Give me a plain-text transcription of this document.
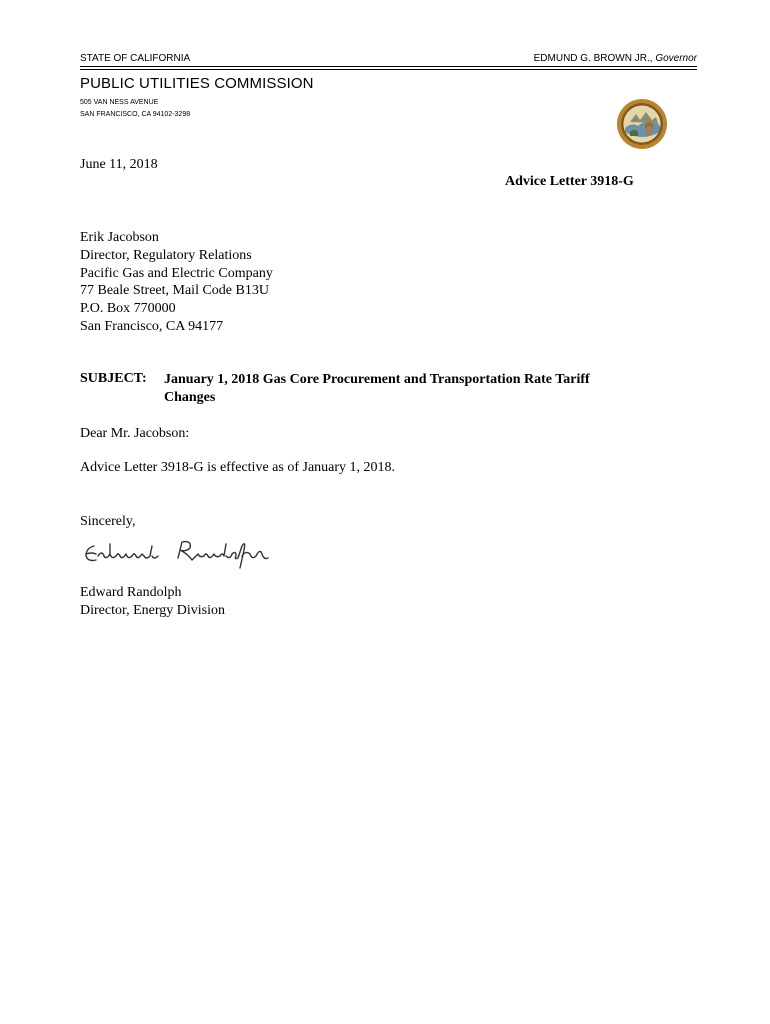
STATE OF CALIFORNIA	EDMUND G. BROWN JR., Governor
PUBLIC UTILITIES COMMISSION
505 VAN NESS AVENUE
SAN FRANCISCO, CA 94102-3298
June 11, 2018
Advice Letter 3918-G
Erik Jacobson
Director, Regulatory Relations
Pacific Gas and Electric Company
77 Beale Street, Mail Code B13U
P.O. Box 770000
San Francisco, CA 94177
SUBJECT: January 1, 2018 Gas Core Procurement and Transportation Rate Tariff
Changes
Dear Mr. Jacobson:
Advice Letter 3918-G is effective as of January 1, 2018.
Sincerely,
Edward Randolph
Director, Energy Division
